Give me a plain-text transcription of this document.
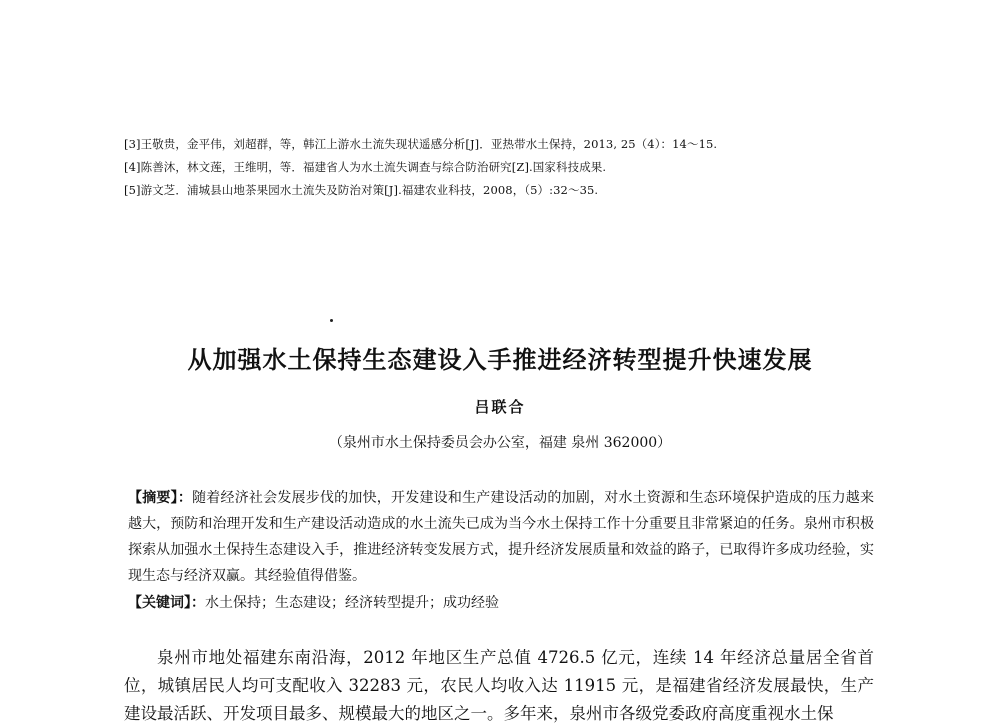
[3]王敬贵，金平伟，刘超群，等，韩江上游水土流失现状遥感分析[J]．亚热带水土保持，2013, 25（4）：14～15.
[4]陈善沐，林文莲，王维明，等．福建省人为水土流失调查与综合防治研究[Z].国家科技成果.
[5]游文芝．浦城县山地茶果园水土流失及防治对策[J].福建农业科技，2008，（5）:32～35.
从加强水土保持生态建设入手推进经济转型提升快速发展
吕联合
（泉州市水土保持委员会办公室，福建 泉州 362000）

【摘要】：随着经济社会发展步伐的加快，开发建设和生产建设活动的加剧，对水土资源和生态环境保护造成的压力越来越大，预防和治理开发和生产建设活动造成的水土流失已成为当今水土保持工作十分重要且非常紧迫的任务。泉州市积极探索从加强水土保持生态建设入手，推进经济转变发展方式，提升经济发展质量和效益的路子，已取得许多成功经验，实现生态与经济双赢。其经验值得借鉴。

【关键词】：水土保持；生态建设；经济转型提升；成功经验

泉州市地处福建东南沿海，2012 年地区生产总值 4726.5 亿元，连续 14 年经济总量居全省首位，城镇居民人均可支配收入 32283 元，农民人均收入达 11915 元，是福建省经济发展最快，生产建设最活跃、开发项目最多、规模最大的地区之一。多年来，泉州市各级党委政府高度重视水土保
